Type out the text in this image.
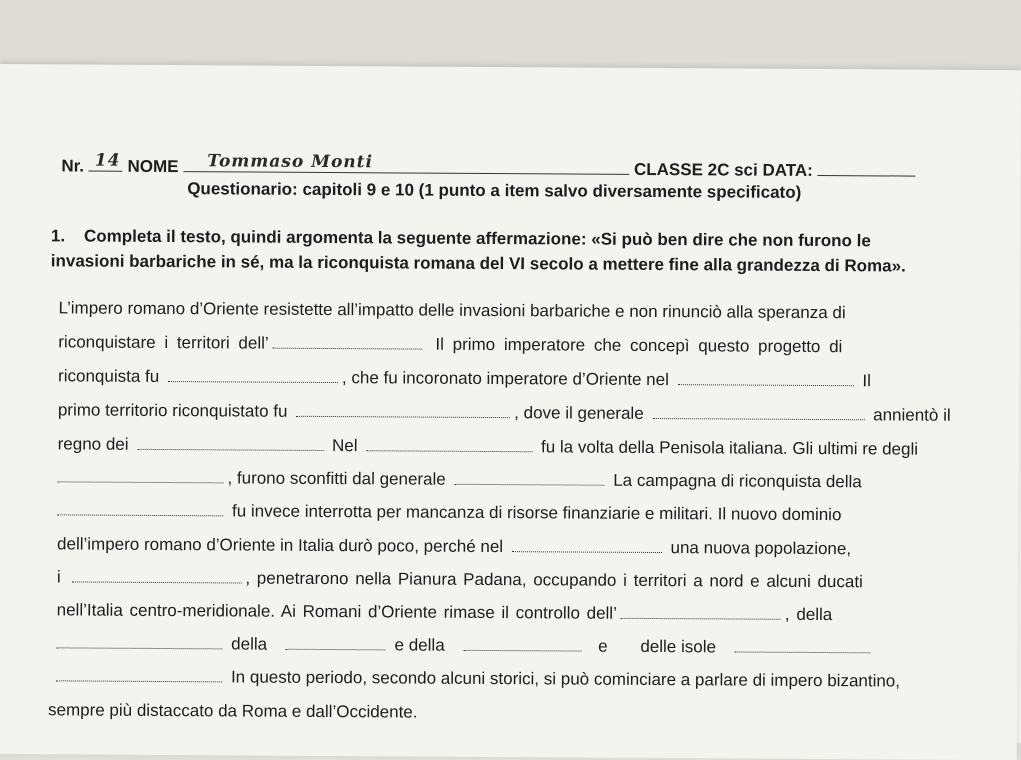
Nr. 14 NOME Tommaso Monti	CLASSE 2C sci DATA:
Questionario: capitoli 9 e 10 (1 punto a item salvo diversamente specificato)
1. Completa il testo, quindi argomenta la seguente affermazione: «Si può ben dire che non furono le
invasioni barbariche in sé, ma la riconquista romana del VI secolo a mettere fine alla grandezza di Roma».
L’impero romano d’Oriente resistette all’impatto delle invasioni barbariche e non rinunciò alla speranza di
riconquistare i territori dell’	Il primo imperatore che concepì questo progetto di
riconquista fu	, che fu incoronato imperatore d’Oriente nel	Il
primo territorio riconquistato fu	, dove il generale	annientò il
regno dei	Nel	fu la volta della Penisola italiana. Gli ultimi re degli
, furono sconfitti dal generale	La campagna di riconquista della
fu invece interrotta per mancanza di risorse finanziarie e militari. Il nuovo dominio
dell’impero romano d’Oriente in Italia durò poco, perché nel	una nuova popolazione,
i	, penetrarono nella Pianura Padana, occupando i territori a nord e alcuni ducati
nell’Italia centro-meridionale. Ai Romani d’Oriente rimase il controllo dell’	, della
della	e della	e delle isole
In questo periodo, secondo alcuni storici, si può cominciare a parlare di impero bizantino,
sempre più distaccato da Roma e dall’Occidente.
